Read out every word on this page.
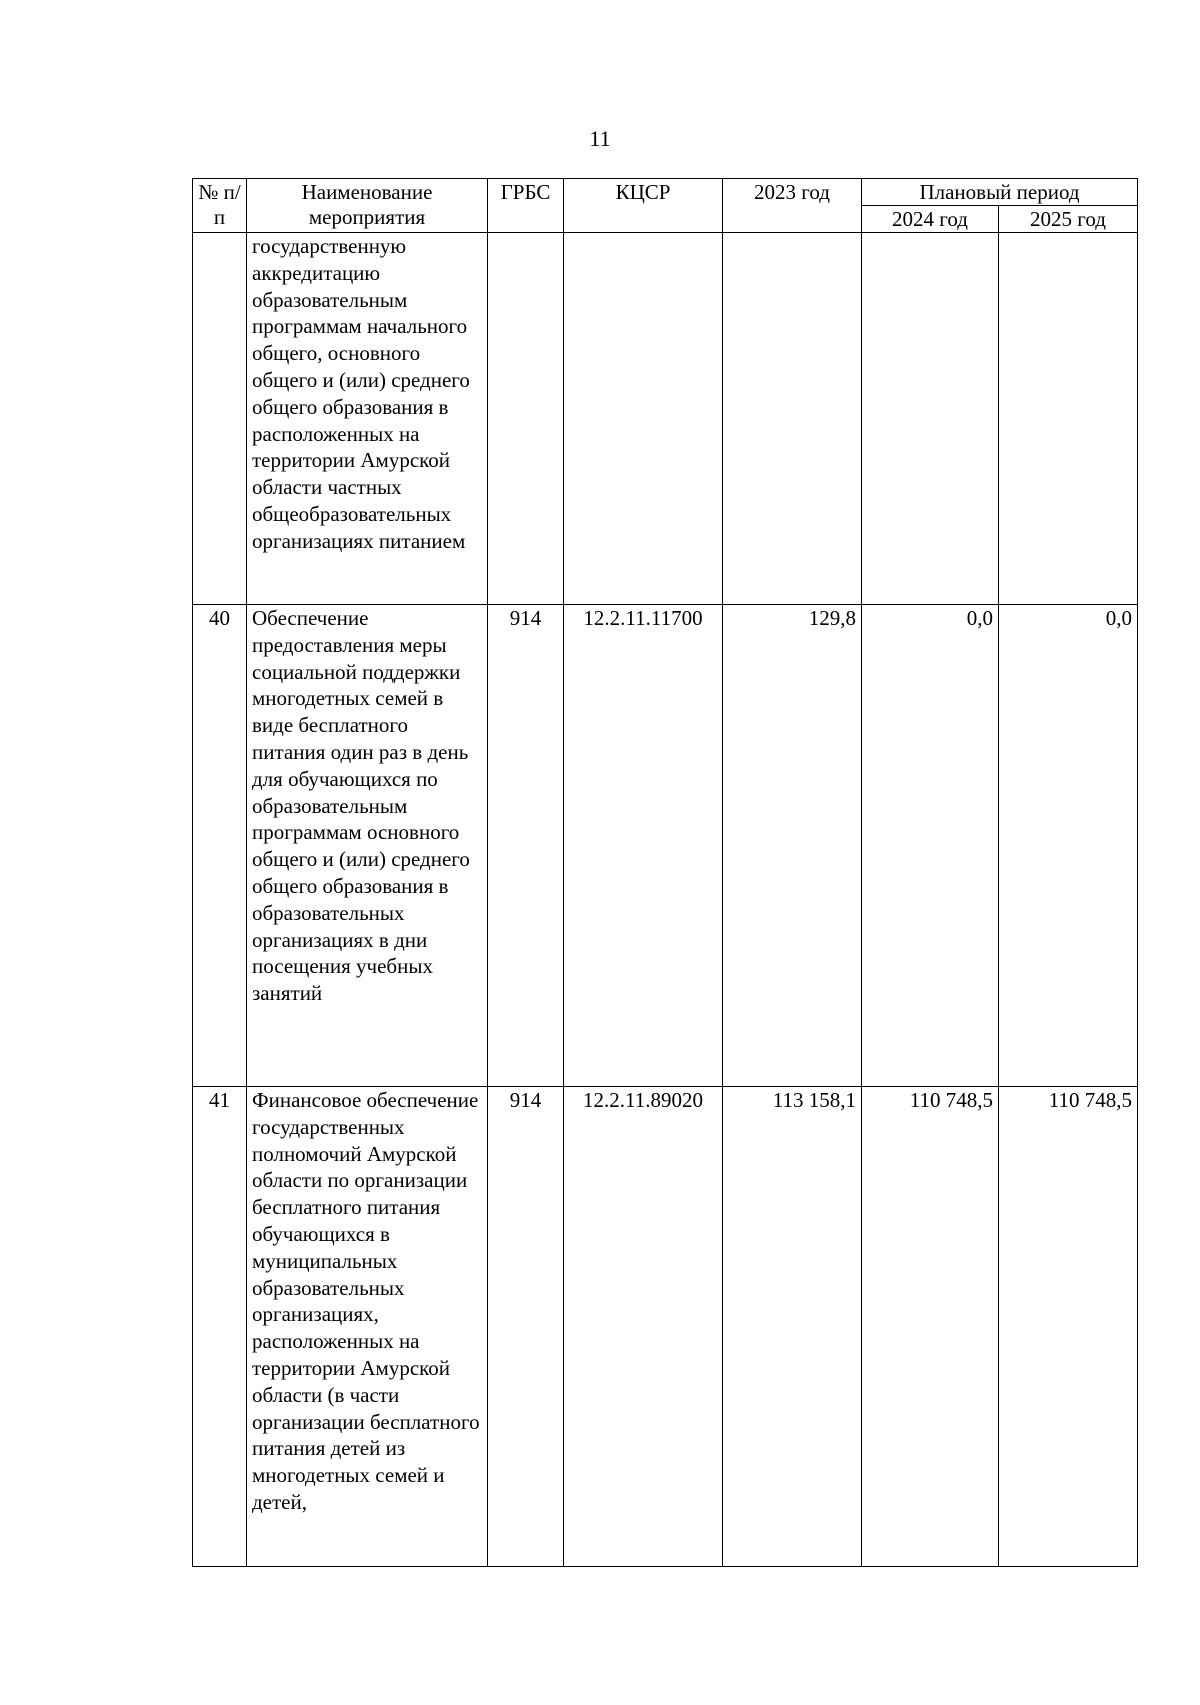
11
№ п/п	Наименование мероприятия	ГРБС	КЦСР	2023 год	Плановый период	
					2024 год	2025 год
	государственную аккредитацию образовательным программам начального общего, основного общего и (или) среднего общего образования в расположенных на территории Амурской области частных общеобразовательных организациях питанием					
40	Обеспечение предоставления меры социальной поддержки многодетных семей в виде бесплатного питания один раз в день для обучающихся по образовательным программам основного общего и (или) среднего общего образования в образовательных организациях в дни посещения учебных занятий	914	12.2.11.11700	129,8	0,0	0,0
41	Финансовое обеспечение государственных полномочий Амурской области по организации бесплатного питания обучающихся в муниципальных образовательных организациях, расположенных на территории Амурской области (в части организации бесплатного питания детей из многодетных семей и детей,	914	12.2.11.89020	113 158,1	110 748,5	110 748,5
